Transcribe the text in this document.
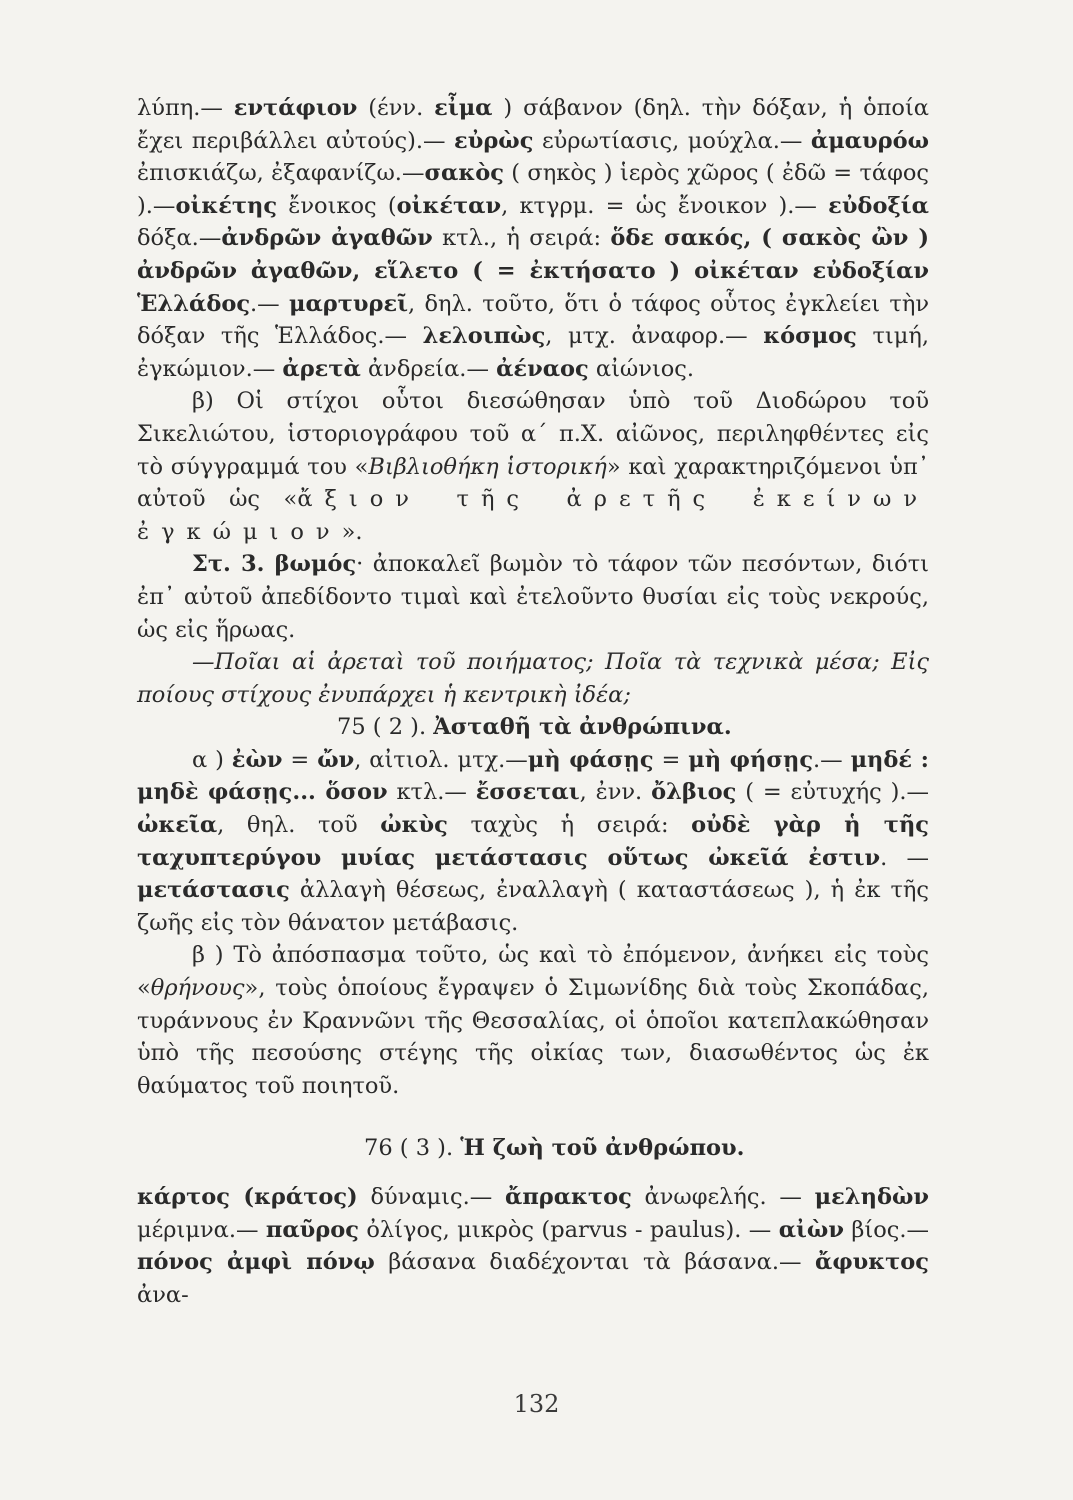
λύπη.— εντάφιον (ένν. εἶμα ) σάβανον (δηλ. τὴν δόξαν, ἡ ὁποία ἔχει περιβάλλει αὐτούς).— εὐρὼς εὐρωτίασις, μούχλα.— ἀμαυρόω ἐπισκιάζω, ἐξαφανίζω.—σακὸς ( σηκὸς ) ἱερὸς χῶρος ( ἐδῶ = τάφος ).—οἰκέτης ἔνοικος (οἰκέταν, κτγρμ. = ὡς ἔνοικον ).— εὐδοξία δόξα.—ἀνδρῶν ἀγαθῶν κτλ., ἡ σειρά: ὅδε σακός, ( σακὸς ὢν ) ἀνδρῶν ἀγαθῶν, εἵλετο ( = ἐκτήσατο ) οἰκέταν εὐδοξίαν Ἑλλάδος.— μαρτυρεῖ, δηλ. τοῦτο, ὅτι ὁ τάφος οὗτος ἐγκλείει τὴν δόξαν τῆς Ἑλλάδος.— λελοιπὼς, μτχ. ἀναφορ.— κόσμος τιμή, ἐγκώμιον.— ἀρετὰ ἀνδρεία.— ἀέναος αἰώνιος.

β) Οἱ στίχοι οὗτοι διεσώθησαν ὑπὸ τοῦ Διοδώρου τοῦ Σικελιώτου, ἱστοριογράφου τοῦ α΄ π.Χ. αἰῶνος, περιληφθέντες εἰς τὸ σύγγραμμά του «Βιβλιοθήκη ἱστορική» καὶ χαρακτηριζόμενοι ὑπ᾽ αὐτοῦ ὡς «ἄξιον τῆς ἀρετῆς ἐκείνων ἐγκώμιον».

Στ. 3. βωμός· ἀποκαλεῖ βωμὸν τὸ τάφον τῶν πεσόντων, διότι ἐπ᾽ αὐτοῦ ἀπεδίδοντο τιμαὶ καὶ ἐτελοῦντο θυσίαι εἰς τοὺς νεκρούς, ὡς εἰς ἥρωας.

—Ποῖαι αἱ ἀρεταὶ τοῦ ποιήματος; Ποῖα τὰ τεχνικὰ μέσα; Εἰς ποίους στίχους ἐνυπάρχει ἡ κεντρικὴ ἰδέα;

75 ( 2 ). Ἀσταθῆ τὰ ἀνθρώπινα.

α ) ἐὼν = ὤν, αἰτιολ. μτχ.—μὴ φάσῃς = μὴ φήσῃς.— μηδέ : μηδὲ φάσῃς... ὅσον κτλ.— ἔσσεται, ἐνν. ὄλβιος ( = εὐτυχής ).— ὠκεῖα, θηλ. τοῦ ὠκὺς ταχὺς ἡ σειρά: οὐδὲ γὰρ ἡ τῆς ταχυπτερύγου μυίας μετάστασις οὕτως ὠκεῖά ἐστιν. — μετάστασις ἀλλαγὴ θέσεως, ἐναλλαγὴ ( καταστάσεως ), ἡ ἐκ τῆς ζωῆς εἰς τὸν θάνατον μετάβασις.

β ) Τὸ ἀπόσπασμα τοῦτο, ὡς καὶ τὸ ἐπόμενον, ἀνήκει εἰς τοὺς «θρήνους», τοὺς ὁποίους ἔγραψεν ὁ Σιμωνίδης διὰ τοὺς Σκοπάδας, τυράννους ἐν Κραννῶνι τῆς Θεσσαλίας, οἱ ὁποῖοι κατεπλακώθησαν ὑπὸ τῆς πεσούσης στέγης τῆς οἰκίας των, διασωθέντος ὡς ἐκ θαύματος τοῦ ποιητοῦ.

76 ( 3 ). Ἡ ζωὴ τοῦ ἀνθρώπου.

κάρτος (κράτος) δύναμις.— ἄπρακτος ἀνωφελής. — μεληδὼν μέριμνα.— παῦρος ὀλίγος, μικρὸς (parvus - paulus). — αἰὼν βίος.— πόνος ἀμφὶ πόνῳ βάσανα διαδέχονται τὰ βάσανα.— ἄφυκτος ἀνα-

132
